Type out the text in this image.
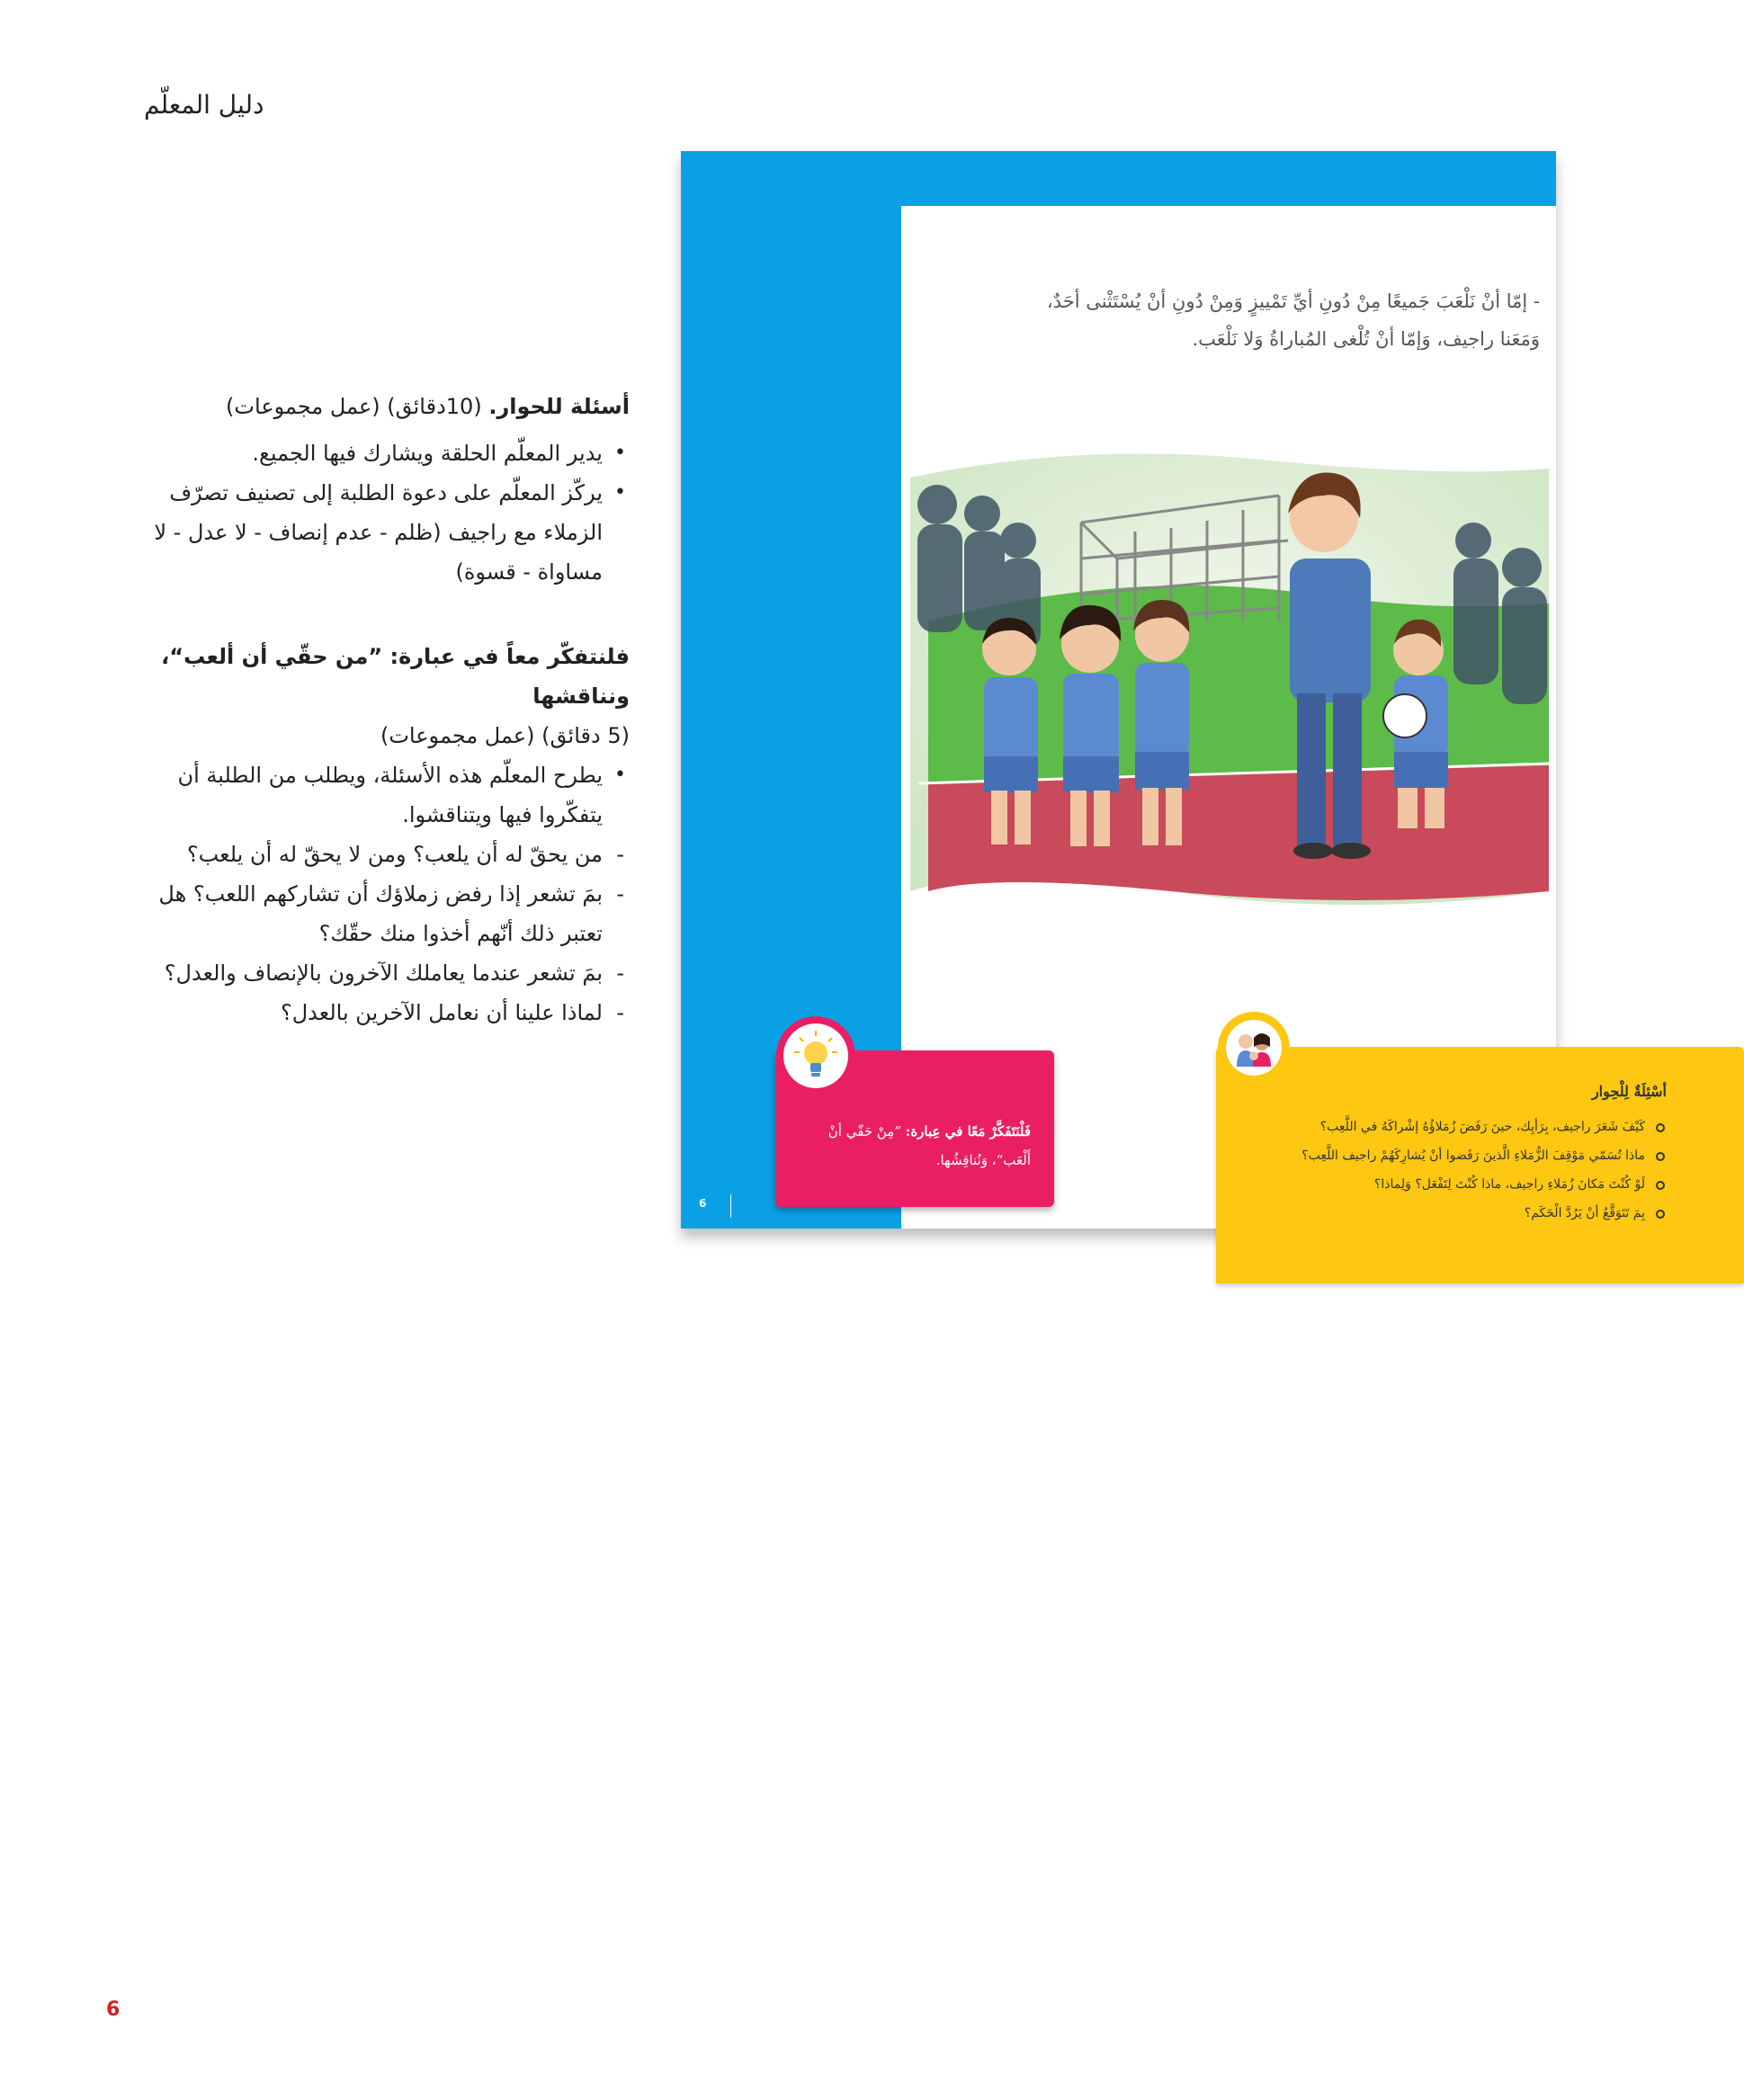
دليل المعلّم
أسئلة للحوار. (10دقائق) (عمل مجموعات)
• يدير المعلّم الحلقة ويشارك فيها الجميع.
• يركّز المعلّم على دعوة الطلبة إلى تصنيف تصرّف الزملاء مع راجيف (ظلم - عدم إنصاف - لا عدل - لا مساواة - قسوة)
فلنتفكّر معاً في عبارة: ”من حقّي أن ألعب“، ونناقشها
(5 دقائق) (عمل مجموعات)
• يطرح المعلّم هذه الأسئلة، ويطلب من الطلبة أن يتفكّروا فيها ويتناقشوا.
- من يحقّ له أن يلعب؟ ومن لا يحقّ له أن يلعب؟
- بمَ تشعر إذا رفض زملاؤك أن تشاركهم اللعب؟ هل تعتبر ذلك أنّهم أخذوا منك حقّك؟
- بمَ تشعر عندما يعاملك الآخرون بالإنصاف والعدل؟
- لماذا علينا أن نعامل الآخرين بالعدل؟
- إمّا أنْ نَلْعَبَ جَميعًا مِنْ دُونِ أيِّ تَمْييزٍ وَمِنْ دُونِ أنْ يُسْتَثْنى أحَدٌ،
وَمَعَنا راجيف، وَإمّا أنْ تُلْغى المُباراةُ وَلا نَلْعَب.
أسْئِلَةٌ لِلْحِوار
كَيْفَ شَعَرَ راجيف، بِرَأيِك، حينَ رَفَضَ زُمَلاؤُهُ إشْراكَهُ في اللَّعِب؟
ماذا تُسَمّي مَوْقِفَ الزُّمَلاءِ الَّذينَ رَفَضوا أنْ يُشارِكَهُمْ راجيف اللَّعِب؟
لَوْ كُنْتَ مَكانَ زُمَلاءِ راجيف، ماذا كُنْتَ لِتَفْعَل؟ وَلِماذا؟
بِمَ تَتَوَقَّعُ أنْ يَرُدَّ الْحَكَم؟
فَلْنَتَفَكَّرْ مَعًا في عِبارة: ”مِنْ حَقّي أنْ أَلْعَب“، وَنُناقِشُها.
6
6
